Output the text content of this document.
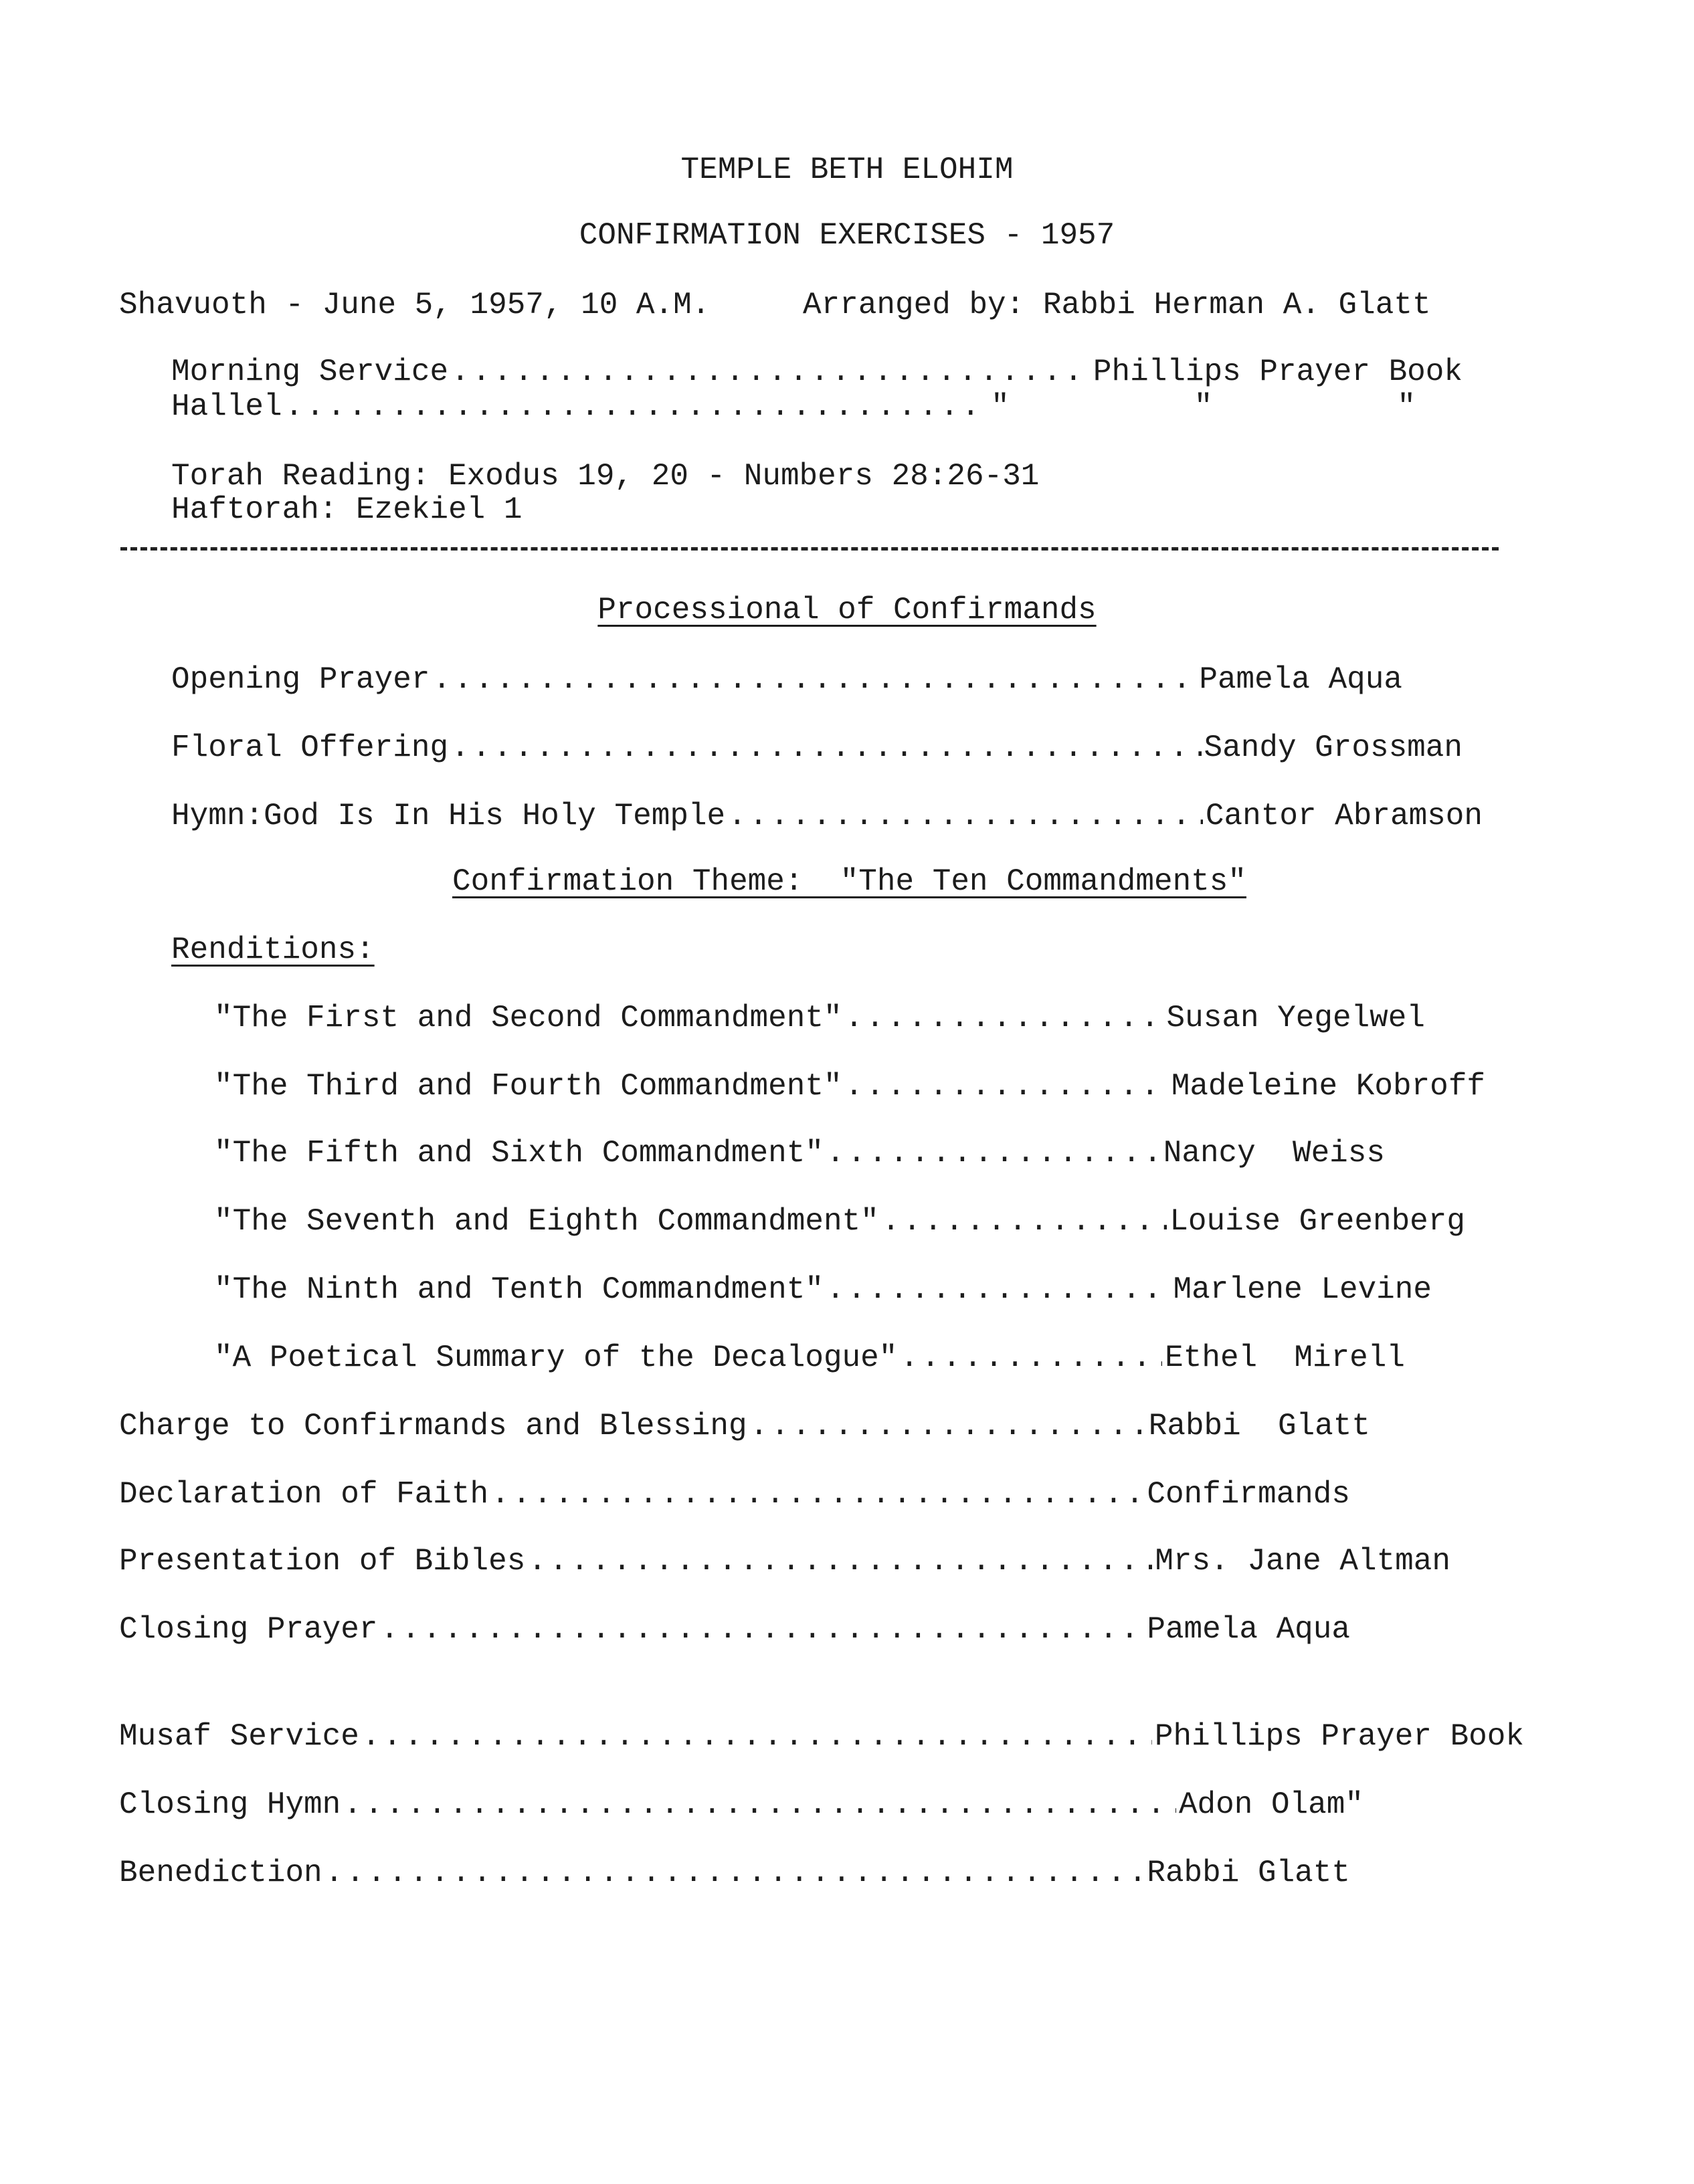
TEMPLE BETH ELOHIM
CONFIRMATION EXERCISES - 1957
Shavuoth - June 5, 1957, 10 A.M.	Arranged by: Rabbi Herman A. Glatt
Morning Service .....	Phillips Prayer Book
Hallel .....	"          "          "
Torah Reading: Exodus 19, 20 - Numbers 28:26-31
Haftorah: Ezekiel 1
Processional of Confirmands
Opening Prayer .....	Pamela Aqua
Floral Offering .....	Sandy Grossman
Hymn:God Is In His Holy Temple .....	Cantor Abramson
Confirmation Theme:  "The Ten Commandments"
Renditions:
"The First and Second Commandment" .....	Susan Yegelwel
"The Third and Fourth Commandment" .....	Madeleine Kobroff
"The Fifth and Sixth Commandment" .....	Nancy  Weiss
"The Seventh and Eighth Commandment" .....	Louise Greenberg
"The Ninth and Tenth Commandment" .....	Marlene Levine
"A Poetical Summary of the Decalogue" .....	Ethel  Mirell
Charge to Confirmands and Blessing .....	Rabbi  Glatt
Declaration of Faith .....	Confirmands
Presentation of Bibles .....	Mrs. Jane Altman
Closing Prayer .....	Pamela Aqua
Musaf Service .....	Phillips Prayer Book
Closing Hymn .....	Adon Olam"
Benediction .....	Rabbi Glatt
